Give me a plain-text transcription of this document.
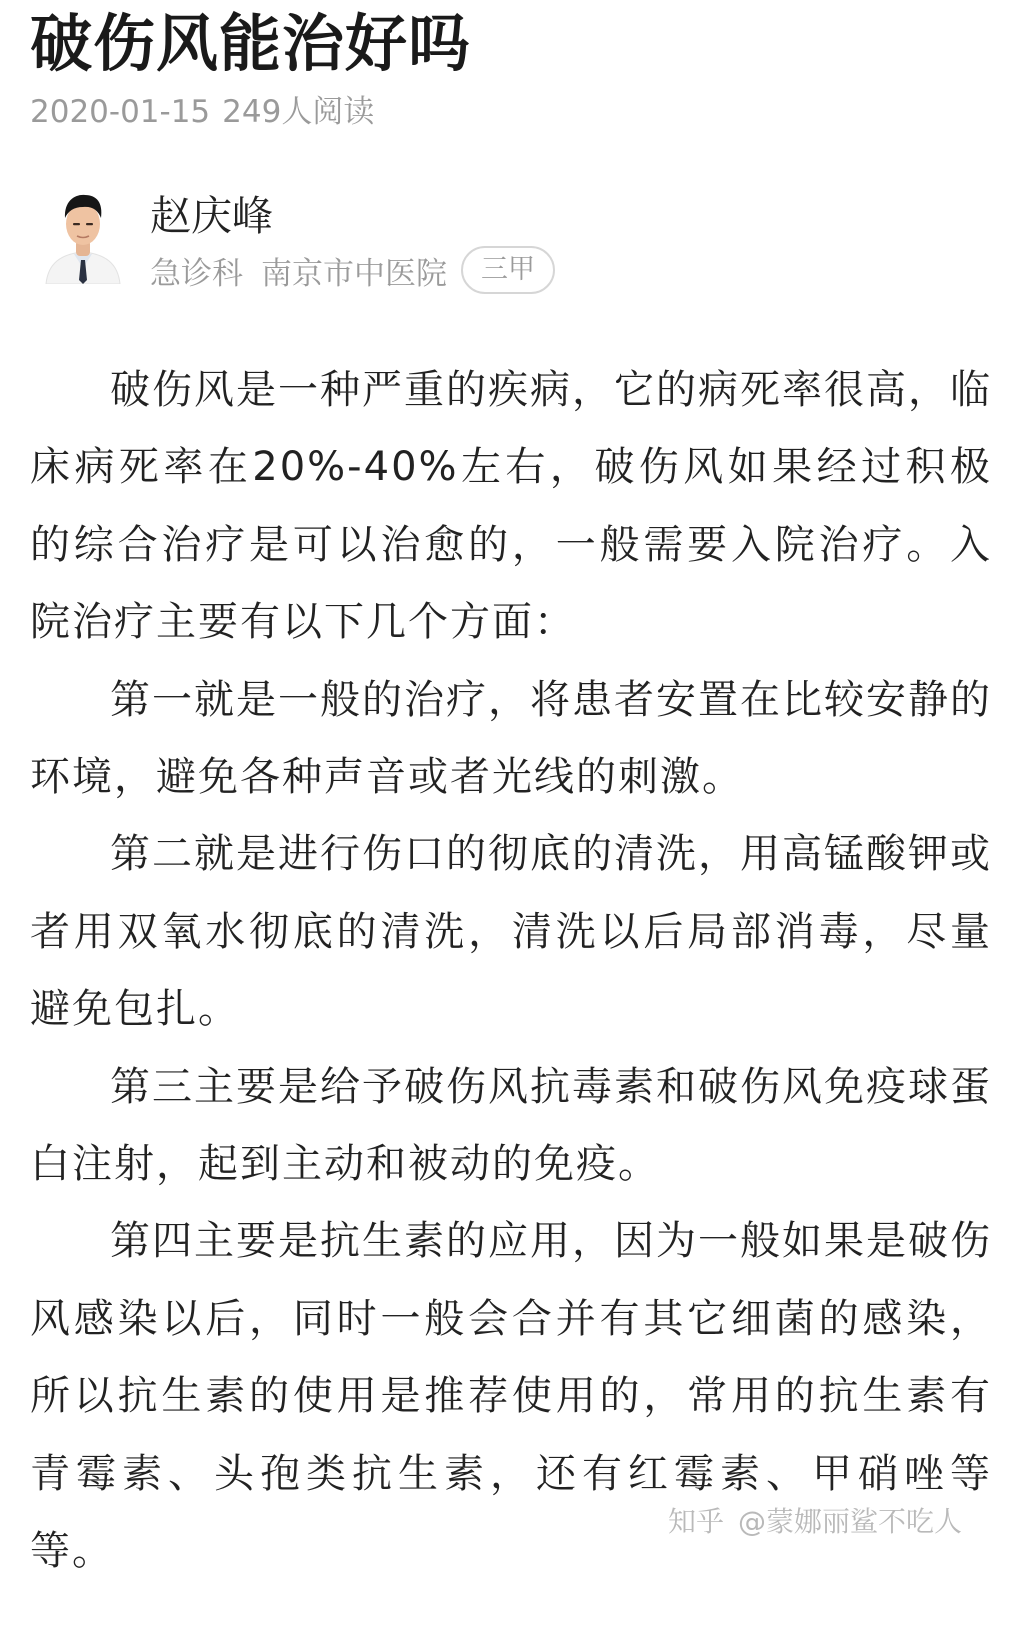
破伤风能治好吗
2020-01-15 249人阅读
赵庆峰
急诊科 南京市中医院	三甲

破伤风是一种严重的疾病，它的病死率很高，临床病死率在20%-40%左右，破伤风如果经过积极的综合治疗是可以治愈的，一般需要入院治疗。入院治疗主要有以下几个方面：

第一就是一般的治疗，将患者安置在比较安静的环境，避免各种声音或者光线的刺激。

第二就是进行伤口的彻底的清洗，用高锰酸钾或者用双氧水彻底的清洗，清洗以后局部消毒，尽量避免包扎。

第三主要是给予破伤风抗毒素和破伤风免疫球蛋白注射，起到主动和被动的免疫。

第四主要是抗生素的应用，因为一般如果是破伤风感染以后，同时一般会合并有其它细菌的感染，所以抗生素的使用是推荐使用的，常用的抗生素有青霉素、头孢类抗生素，还有红霉素、甲硝唑等等。

知乎 @蒙娜丽鲨不吃人
